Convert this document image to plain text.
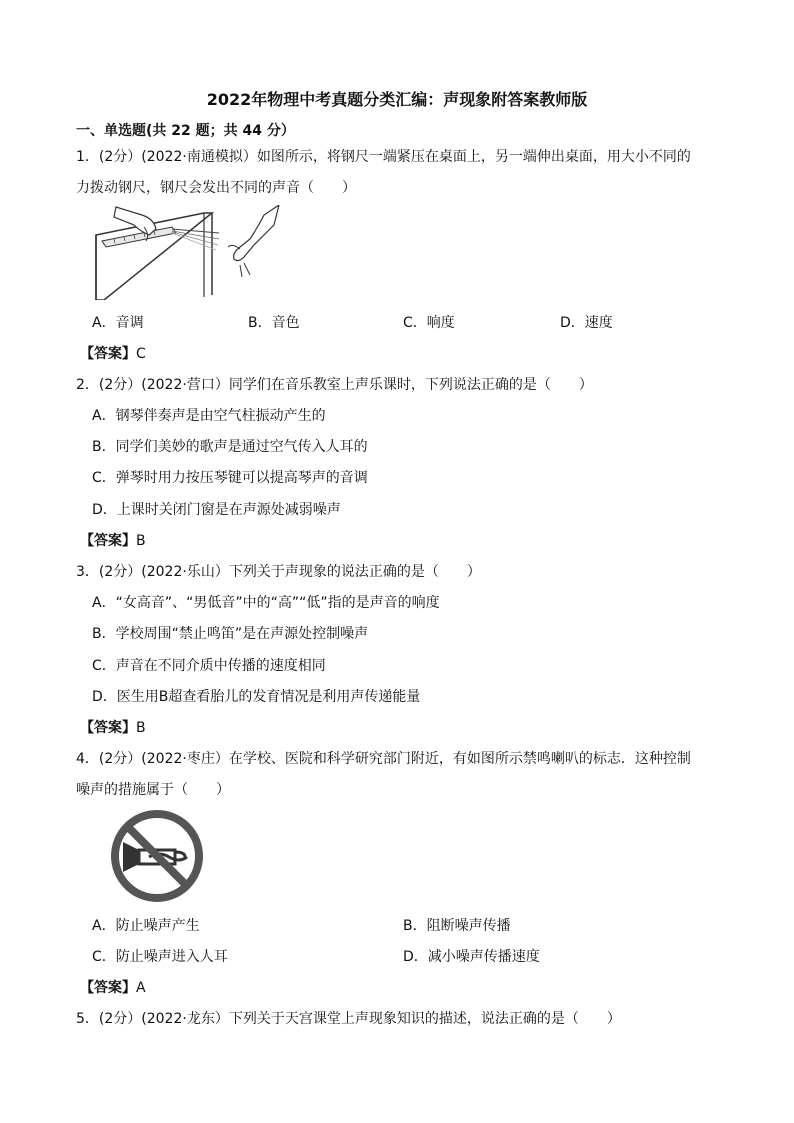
2022年物理中考真题分类汇编：声现象附答案教师版
一、单选题(共 22 题；共 44 分）
1．(2分）(2022·南通模拟）如图所示，将钢尺一端紧压在桌面上，另一端伸出桌面，用大小不同的
力拨动钢尺，钢尺会发出不同的声音（　　）
A．音调	B．音色	C．响度	D．速度
【答案】C
2．(2分）(2022·营口）同学们在音乐教室上声乐课时，下列说法正确的是（　　）
A．钢琴伴奏声是由空气柱振动产生的
B．同学们美妙的歌声是通过空气传入人耳的
C．弹琴时用力按压琴键可以提高琴声的音调
D．上课时关闭门窗是在声源处减弱噪声
【答案】B
3．(2分）(2022·乐山）下列关于声现象的说法正确的是（　　）
A．“女高音”、“男低音”中的“高”“低”指的是声音的响度
B．学校周围“禁止鸣笛”是在声源处控制噪声
C．声音在不同介质中传播的速度相同
D．医生用B超查看胎儿的发育情况是利用声传递能量
【答案】B
4．(2分）(2022·枣庄）在学校、医院和科学研究部门附近，有如图所示禁鸣喇叭的标志．这种控制
噪声的措施属于（　　）
A．防止噪声产生	B．阻断噪声传播
C．防止噪声进入人耳	D．减小噪声传播速度
【答案】A
5．(2分）(2022·龙东）下列关于天宫课堂上声现象知识的描述，说法正确的是（　　）
